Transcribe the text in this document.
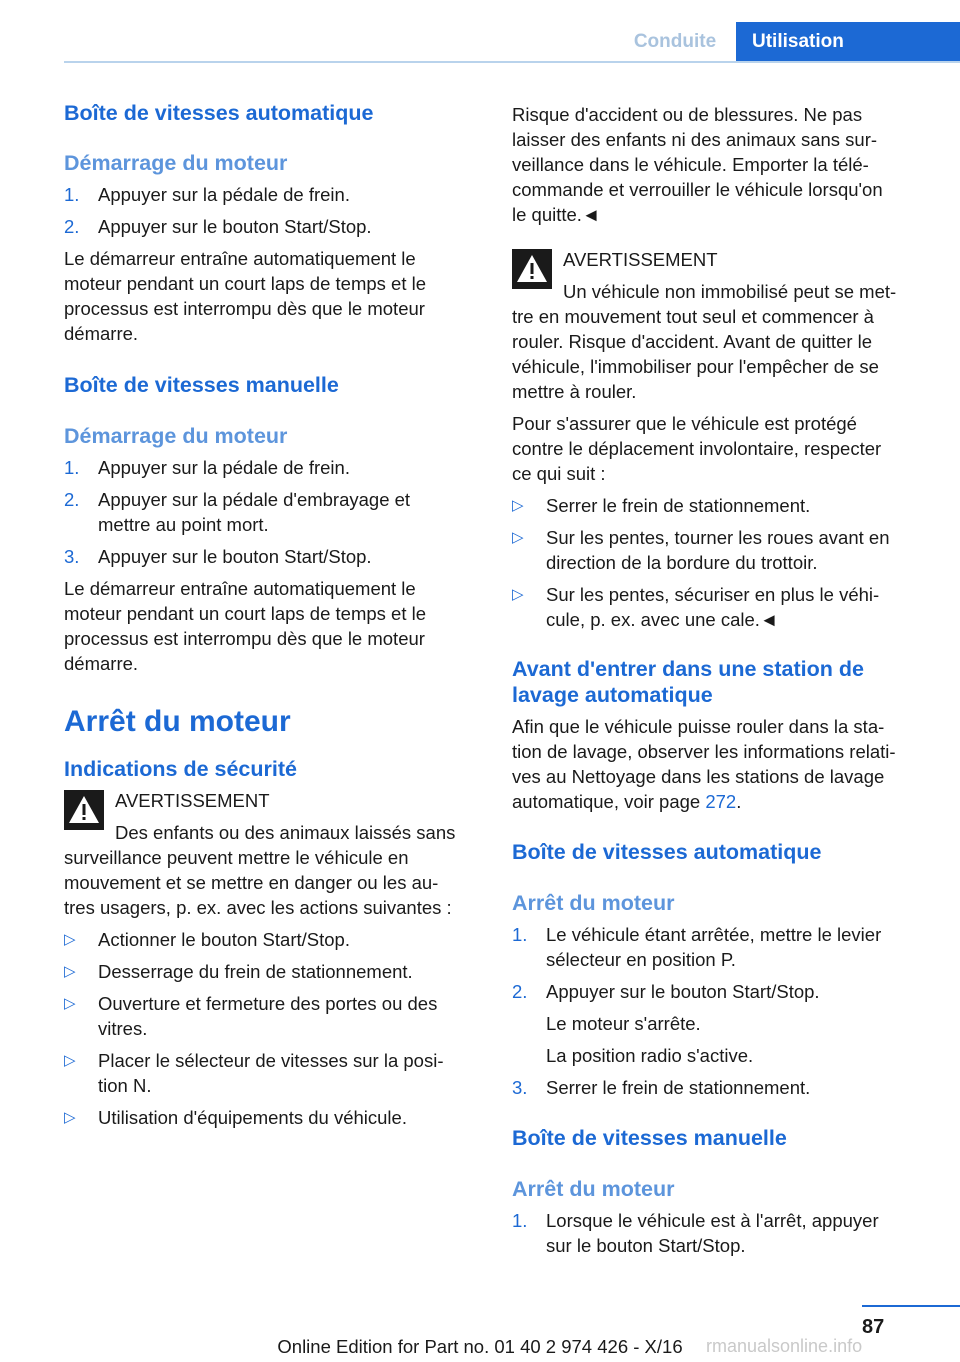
Conduite	Utilisation
Boîte de vitesses automatique
Démarrage du moteur
1. Appuyer sur la pédale de frein.
2. Appuyer sur le bouton Start/Stop.

Le démarreur entraîne automatiquement le
moteur pendant un court laps de temps et le
processus est interrompu dès que le moteur
démarre.

Boîte de vitesses manuelle
Démarrage du moteur
1. Appuyer sur la pédale de frein.
2. Appuyer sur la pédale d'embrayage et
mettre au point mort.
3. Appuyer sur le bouton Start/Stop.

Le démarreur entraîne automatiquement le
moteur pendant un court laps de temps et le
processus est interrompu dès que le moteur
démarre.

Arrêt du moteur
Indications de sécurité

AVERTISSEMENT

Des enfants ou des animaux laissés sans

surveillance peuvent mettre le véhicule en

mouvement et se mettre en danger ou les au-

tres usagers, p. ex. avec les actions suivantes :

▷ Actionner le bouton Start/Stop.
▷ Desserrage du frein de stationnement.
▷ Ouverture et fermeture des portes ou des
vitres.
▷ Placer le sélecteur de vitesses sur la posi-
tion N.
▷ Utilisation d'équipements du véhicule.

Risque d'accident ou de blessures. Ne pas
laisser des enfants ni des animaux sans sur-
veillance dans le véhicule. Emporter la télé-
commande et verrouiller le véhicule lorsqu'on
le quitte.◄

AVERTISSEMENT

Un véhicule non immobilisé peut se met-

tre en mouvement tout seul et commencer à

rouler. Risque d'accident. Avant de quitter le

véhicule, l'immobiliser pour l'empêcher de se

mettre à rouler.

Pour s'assurer que le véhicule est protégé
contre le déplacement involontaire, respecter
ce qui suit :

▷ Serrer le frein de stationnement.
▷ Sur les pentes, tourner les roues avant en
direction de la bordure du trottoir.
▷ Sur les pentes, sécuriser en plus le véhi-
cule, p. ex. avec une cale.◄
Avant d'entrer dans une station de
lavage automatique

Afin que le véhicule puisse rouler dans la sta-
tion de lavage, observer les informations relati-
ves au Nettoyage dans les stations de lavage
automatique, voir page 272.

Boîte de vitesses automatique
Arrêt du moteur
1. Le véhicule étant arrêtée, mettre le levier
sélecteur en position P.
2. Appuyer sur le bouton Start/Stop.
Le moteur s'arrête.
La position radio s'active.
3. Serrer le frein de stationnement.
Boîte de vitesses manuelle
Arrêt du moteur
1. Lorsque le véhicule est à l'arrêt, appuyer
sur le bouton Start/Stop.
87
Online Edition for Part no. 01 40 2 974 426 - X/16	rmanualsonline.info
